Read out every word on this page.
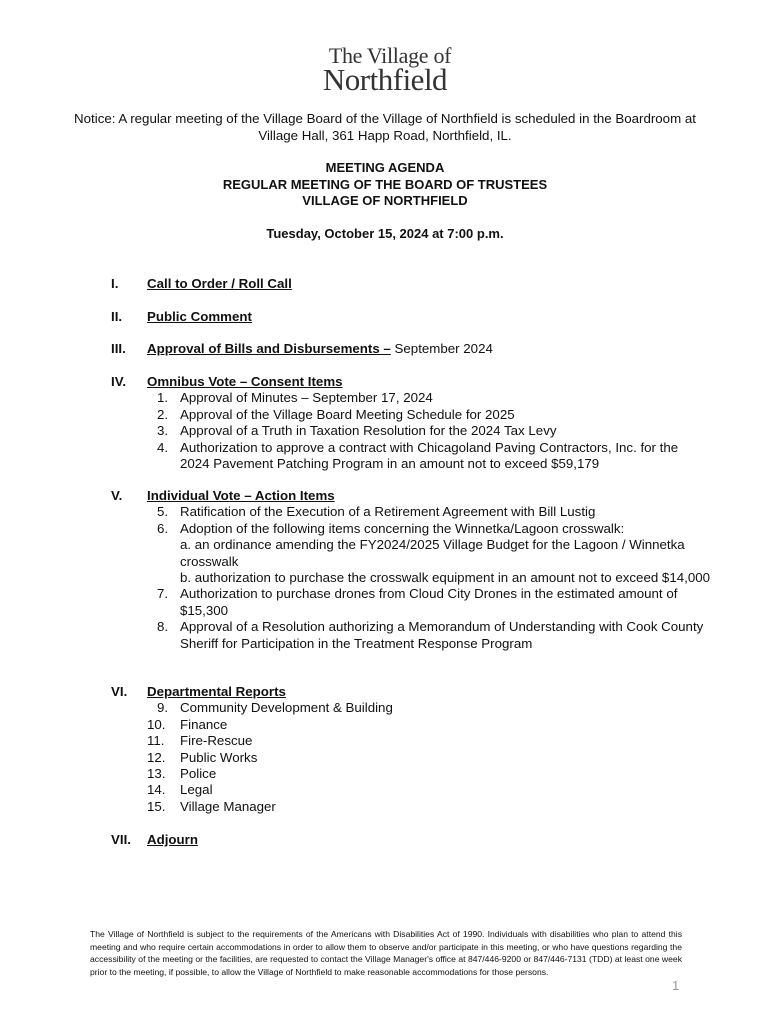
The Village of
Northfield
Notice: A regular meeting of the Village Board of the Village of Northfield is scheduled in the Boardroom at Village Hall, 361 Happ Road, Northfield, IL.
MEETING AGENDA
REGULAR MEETING OF THE BOARD OF TRUSTEES
VILLAGE OF NORTHFIELD
Tuesday, October 15, 2024 at 7:00 p.m.
I. Call to Order / Roll Call
II. Public Comment
III. Approval of Bills and Disbursements – September 2024
IV. Omnibus Vote – Consent Items
1. Approval of Minutes – September 17, 2024
2. Approval of the Village Board Meeting Schedule for 2025
3. Approval of a Truth in Taxation Resolution for the 2024 Tax Levy
4. Authorization to approve a contract with Chicagoland Paving Contractors, Inc. for the 2024 Pavement Patching Program in an amount not to exceed $59,179
V. Individual Vote – Action Items
5. Ratification of the Execution of a Retirement Agreement with Bill Lustig
6. Adoption of the following items concerning the Winnetka/Lagoon crosswalk:
a. an ordinance amending the FY2024/2025 Village Budget for the Lagoon / Winnetka crosswalk
b. authorization to purchase the crosswalk equipment in an amount not to exceed $14,000
7. Authorization to purchase drones from Cloud City Drones in the estimated amount of $15,300
8. Approval of a Resolution authorizing a Memorandum of Understanding with Cook County Sheriff for Participation in the Treatment Response Program
VI. Departmental Reports
9. Community Development & Building
10. Finance
11. Fire-Rescue
12. Public Works
13. Police
14. Legal
15. Village Manager
VII. Adjourn
The Village of Northfield is subject to the requirements of the Americans with Disabilities Act of 1990. Individuals with disabilities who plan to attend this meeting and who require certain accommodations in order to allow them to observe and/or participate in this meeting, or who have questions regarding the accessibility of the meeting or the facilities, are requested to contact the Village Manager's office at 847/446-9200 or 847/446-7131 (TDD) at least one week prior to the meeting, if possible, to allow the Village of Northfield to make reasonable accommodations for those persons.
1
